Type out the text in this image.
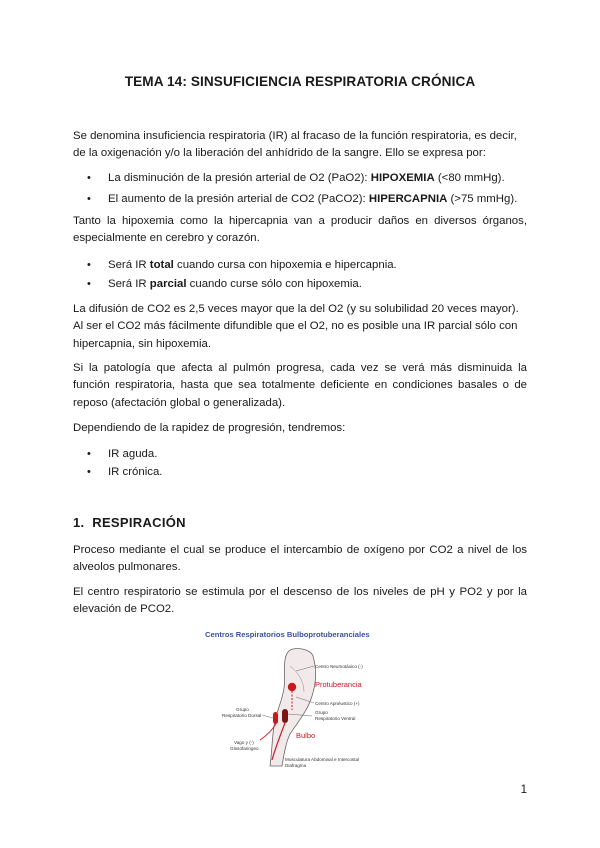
TEMA 14: SINSUFICIENCIA RESPIRATORIA CRÓNICA

Se denomina insuficiencia respiratoria (IR) al fracaso de la función respiratoria, es decir,

de la oxigenación y/o la liberación del anhídrido de la sangre. Ello se expresa por:

• La disminución de la presión arterial de O2 (PaO2): HIPOXEMIA (<80 mmHg).
• El aumento de la presión arterial de CO2 (PaCO2): HIPERCAPNIA (>75 mmHg).

Tanto la hipoxemia como la hipercapnia van a producir daños en diversos órganos,

especialmente en cerebro y corazón.

• Será IR total cuando cursa con hipoxemia e hipercapnia.
• Será IR parcial cuando curse sólo con hipoxemia.

La difusión de CO2 es 2,5 veces mayor que la del O2 (y su solubilidad 20 veces mayor).

Al ser el CO2 más fácilmente difundible que el O2, no es posible una IR parcial sólo con

hipercapnia, sin hipoxemia.

Si la patología que afecta al pulmón progresa, cada vez se verá más disminuida la

función respiratoria, hasta que sea totalmente deficiente en condiciones basales o de

reposo (afectación global o generalizada).

Dependiendo de la rapidez de progresión, tendremos:

• IR aguda.
• IR crónica.
1.  RESPIRACIÓN

Proceso mediante el cual se produce el intercambio de oxígeno por CO2 a nivel de los

alveolos pulmonares.

El centro respiratorio se estimula por el descenso de los niveles de pH y PO2 y por la

elevación de PCO2.

Centros Respiratorios Bulboprotuberanciales
Centro Neumotáxico (-)
Protuberancia
Centro Apnéustico (+)
Grupo
Respiratorio Ventral
Grupo
Respiratorio Dorsal
Bulbo
Vago y (-)
Glosofaringeo
Musculatura Abdominal e Intercostal
Diafragma
1
